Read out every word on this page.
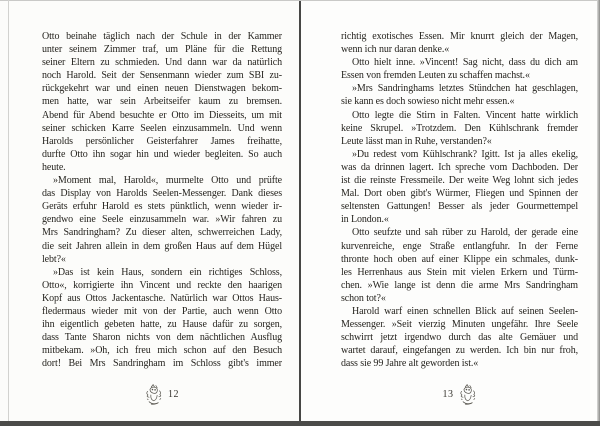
Otto beinahe täglich nach der Schule in der Kammer
unter seinem Zimmer traf, um Pläne für die Rettung
seiner Eltern zu schmieden. Und dann war da natürlich
noch Harold. Seit der Sensenmann wieder zum SBI zu-
rückgekehrt war und einen neuen Dienstwagen bekom-
men hatte, war sein Arbeitseifer kaum zu bremsen.
Abend für Abend besuchte er Otto im Diesseits, um mit
seiner schicken Karre Seelen einzusammeln. Und wenn
Harolds persönlicher Geisterfahrer James freihatte,
durfte Otto ihn sogar hin und wieder begleiten. So auch
heute.
»Moment mal, Harold«, murmelte Otto und prüfte
das Display von Harolds Seelen-Messenger. Dank dieses
Geräts erfuhr Harold es stets pünktlich, wenn wieder ir-
gendwo eine Seele einzusammeln war. »Wir fahren zu
Mrs Sandringham? Zu dieser alten, schwerreichen Lady,
die seit Jahren allein in dem großen Haus auf dem Hügel
lebt?«
»Das ist kein Haus, sondern ein richtiges Schloss,
Otto«, korrigierte ihn Vincent und reckte den haarigen
Kopf aus Ottos Jackentasche. Natürlich war Ottos Haus-
fledermaus wieder mit von der Partie, auch wenn Otto
ihn eigentlich gebeten hatte, zu Hause dafür zu sorgen,
dass Tante Sharon nichts von dem nächtlichen Ausflug
mitbekam. »Oh, ich freu mich schon auf den Besuch
dort! Bei Mrs Sandringham im Schloss gibt's immer
richtig exotisches Essen. Mir knurrt gleich der Magen,
wenn ich nur daran denke.«
Otto hielt inne. »Vincent! Sag nicht, dass du dich am
Essen von fremden Leuten zu schaffen machst.«
»Mrs Sandringhams letztes Stündchen hat geschlagen,
sie kann es doch sowieso nicht mehr essen.«
Otto legte die Stirn in Falten. Vincent hatte wirklich
keine Skrupel. »Trotzdem. Den Kühlschrank fremder
Leute lässt man in Ruhe, verstanden?«
»Du redest vom Kühlschrank? Igitt. Ist ja alles ekelig,
was da drinnen lagert. Ich spreche vom Dachboden. Der
ist die reinste Fressmeile. Der weite Weg lohnt sich jedes
Mal. Dort oben gibt's Würmer, Fliegen und Spinnen der
seltensten Gattungen! Besser als jeder Gourmettempel
in London.«
Otto seufzte und sah rüber zu Harold, der gerade eine
kurvenreiche, enge Straße entlangfuhr. In der Ferne
thronte hoch oben auf einer Klippe ein schmales, dunk-
les Herrenhaus aus Stein mit vielen Erkern und Türm-
chen. »Wie lange ist denn die arme Mrs Sandringham
schon tot?«
Harold warf einen schnellen Blick auf seinen Seelen-
Messenger. »Seit vierzig Minuten ungefähr. Ihre Seele
schwirrt jetzt irgendwo durch das alte Gemäuer und
wartet darauf, eingefangen zu werden. Ich bin nur froh,
dass sie 99 Jahre alt geworden ist.«
12	13
